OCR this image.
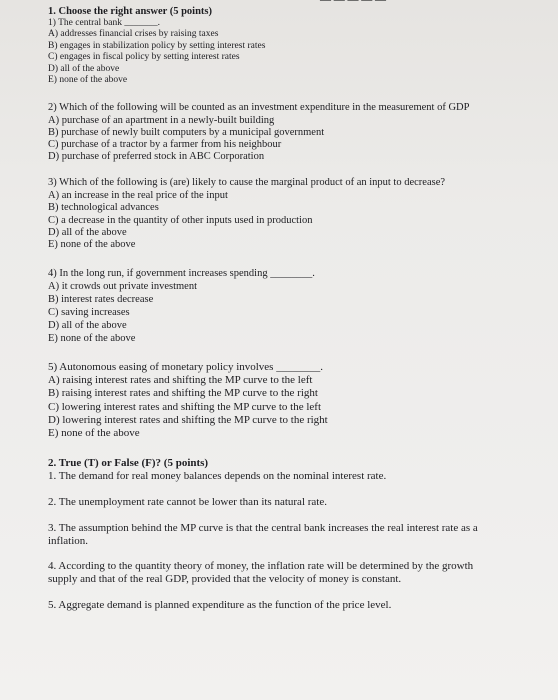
— — — — —
1. Choose the right answer (5 points)
1) The central bank _______.
A) addresses financial crises by raising taxes
B) engages in stabilization policy by setting interest rates
C) engages in fiscal policy by setting interest rates
D) all of the above
E) none of the above
2) Which of the following will be counted as an investment expenditure in the measurement of GDP
A) purchase of an apartment in a newly-built building
B) purchase of newly built computers by a municipal government
C) purchase of a tractor by a farmer from his neighbour
D) purchase of preferred stock in ABC Corporation
3) Which of the following is (are) likely to cause the marginal product of an input to decrease?
A) an increase in the real price of the input
B) technological advances
C) a decrease in the quantity of other inputs used in production
D) all of the above
E) none of the above
4) In the long run, if government increases spending ________.
A) it crowds out private investment
B) interest rates decrease
C) saving increases
D) all of the above
E) none of the above
5) Autonomous easing of monetary policy involves ________.
A) raising interest rates and shifting the MP curve to the left
B) raising interest rates and shifting the MP curve to the right
C) lowering interest rates and shifting the MP curve to the left
D) lowering interest rates and shifting the MP curve to the right
E) none of the above
2. True (T) or False (F)? (5 points)
1. The demand for real money balances depends on the nominal interest rate.
2. The unemployment rate cannot be lower than its natural rate.
3. The assumption behind the MP curve is that the central bank increases the real interest rate as a
inflation.
4. According to the quantity theory of money, the inflation rate will be determined by the growth
supply and that of the real GDP, provided that the velocity of money is constant.
5. Aggregate demand is planned expenditure as the function of the price level.
